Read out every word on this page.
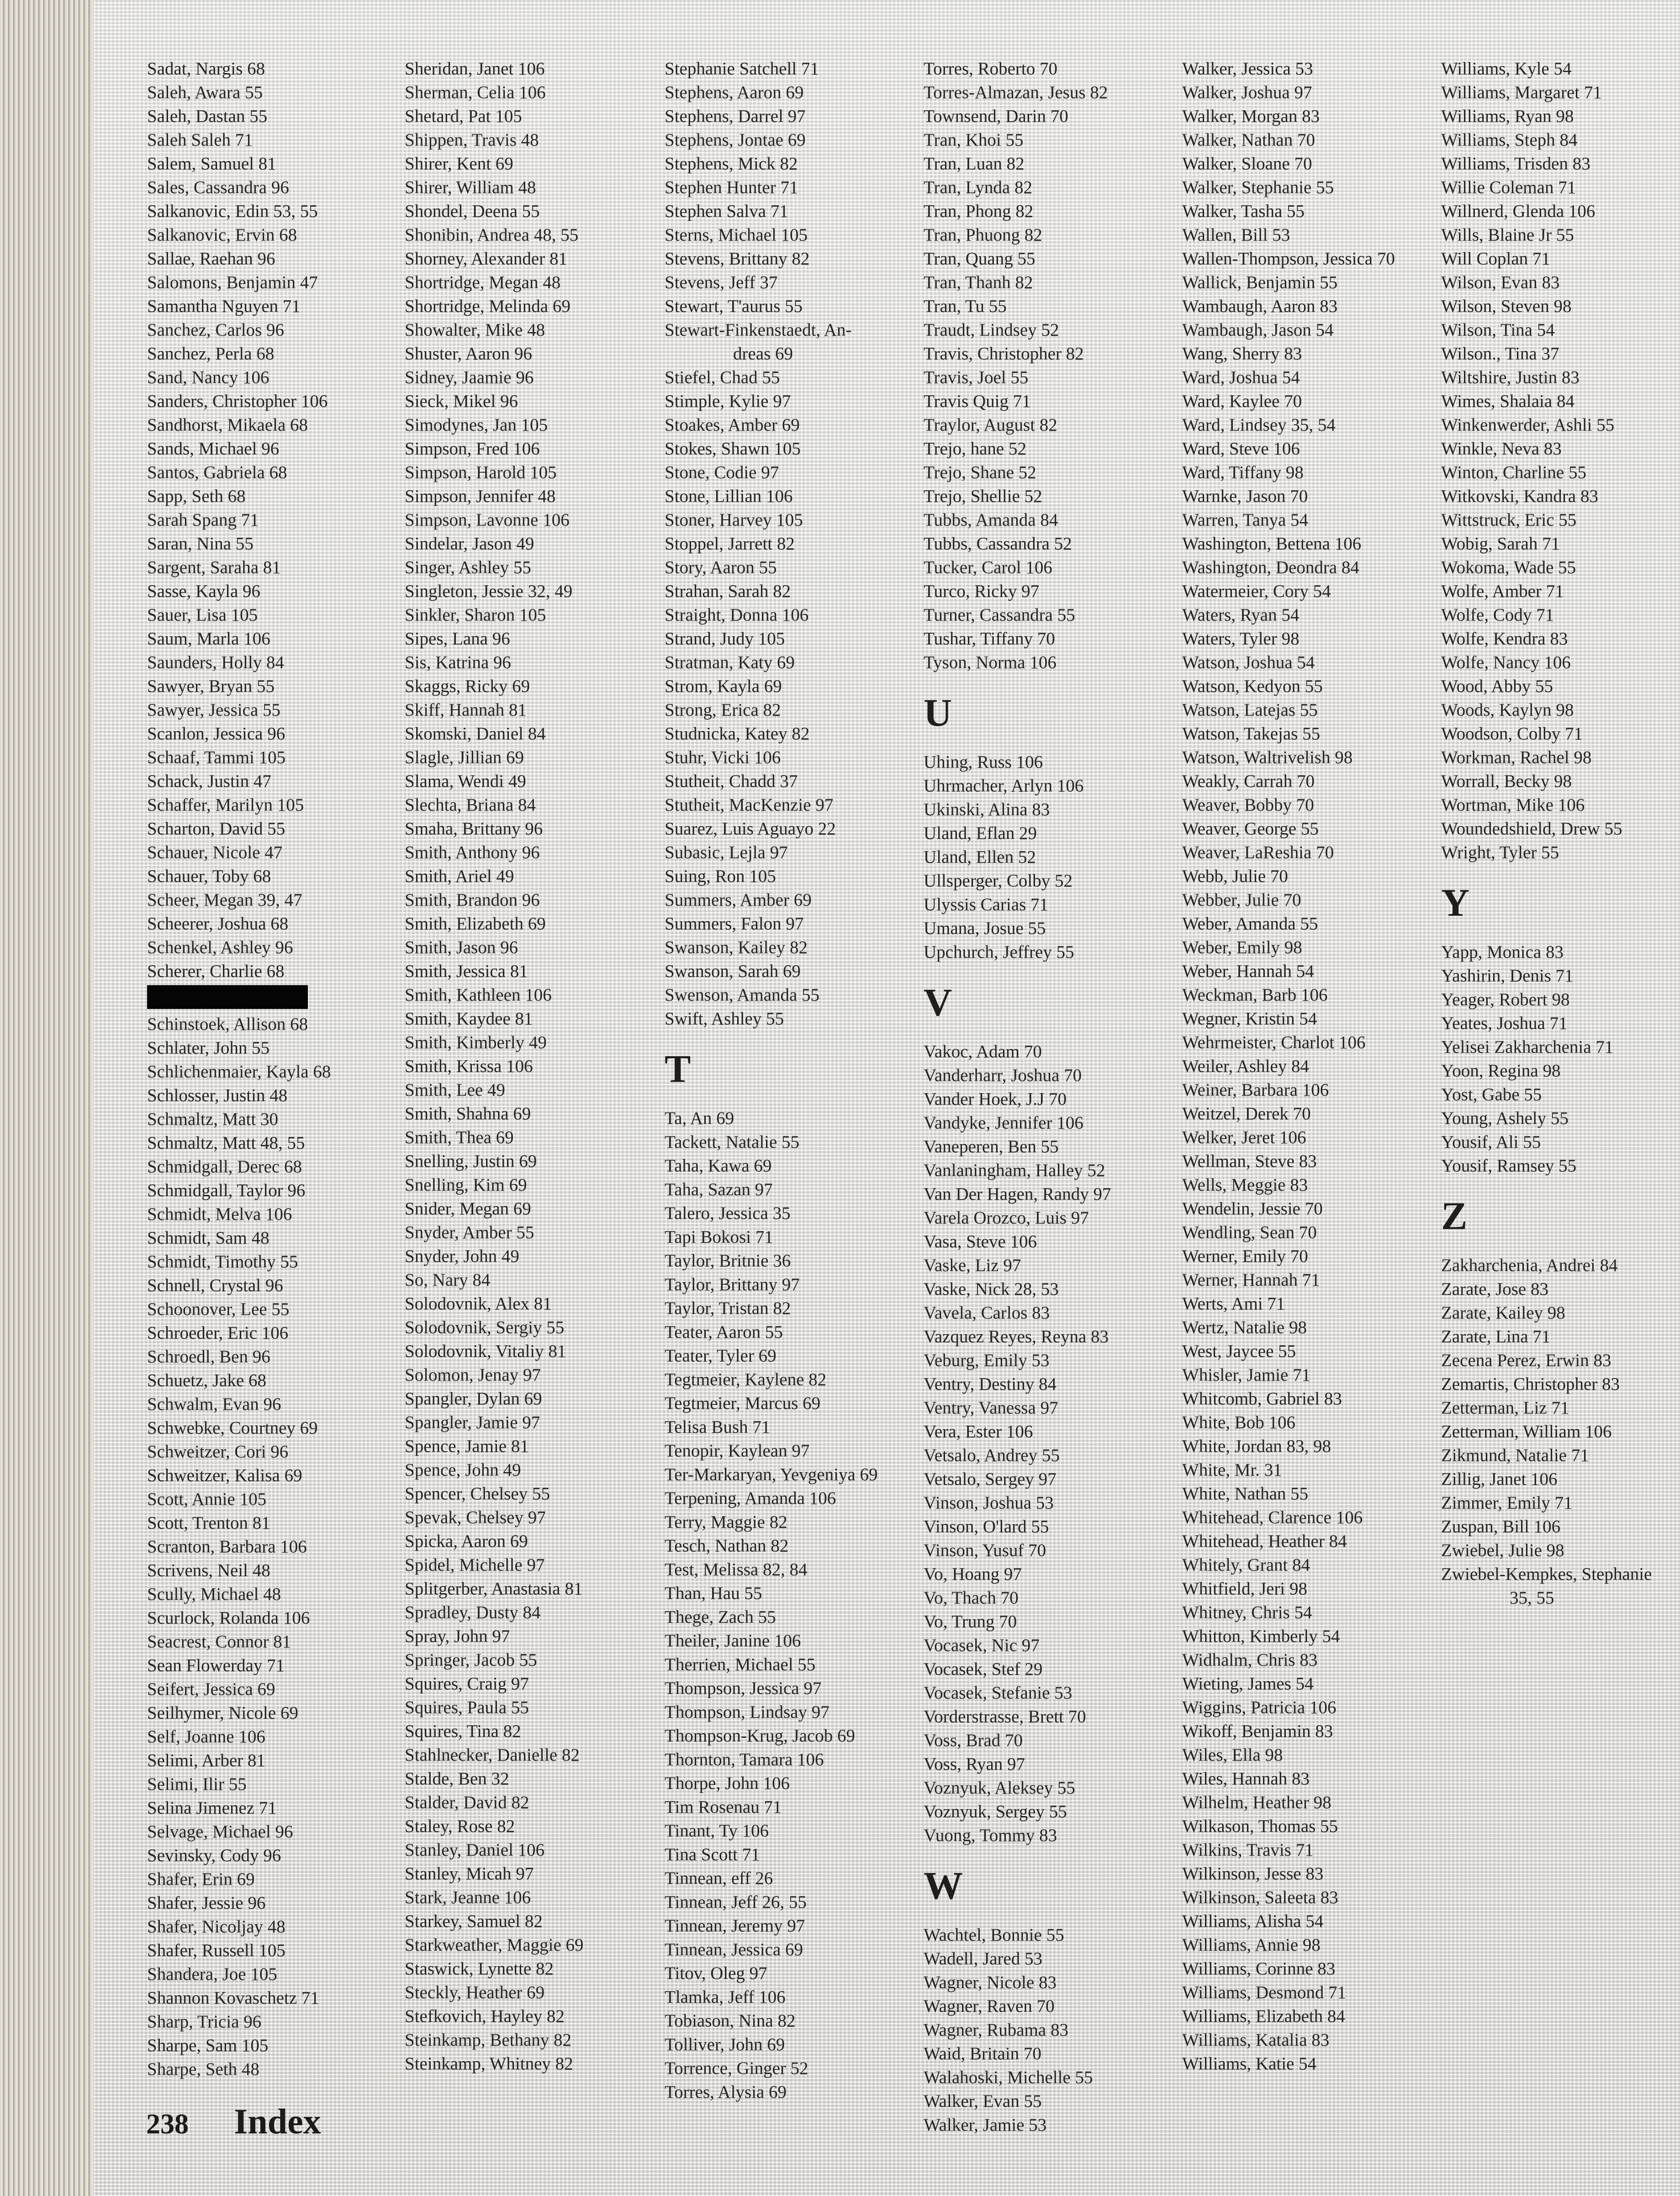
Sadat, Nargis 68
Saleh, Awara 55
Saleh, Dastan 55
Saleh Saleh 71
Salem, Samuel 81
Sales, Cassandra 96
Salkanovic, Edin 53, 55
Salkanovic, Ervin 68
Sallae, Raehan 96
Salomons, Benjamin 47
Samantha Nguyen 71
Sanchez, Carlos 96
Sanchez, Perla 68
Sand, Nancy 106
Sanders, Christopher 106
Sandhorst, Mikaela 68
Sands, Michael 96
Santos, Gabriela 68
Sapp, Seth 68
Sarah Spang 71
Saran, Nina 55
Sargent, Saraha 81
Sasse, Kayla 96
Sauer, Lisa 105
Saum, Marla 106
Saunders, Holly 84
Sawyer, Bryan 55
Sawyer, Jessica 55
Scanlon, Jessica 96
Schaaf, Tammi 105
Schack, Justin 47
Schaffer, Marilyn 105
Scharton, David 55
Schauer, Nicole 47
Schauer, Toby 68
Scheer, Megan 39, 47
Scheerer, Joshua 68
Schenkel, Ashley 96
Scherer, Charlie 68
Schinstoek, Allison 68
Schlater, John 55
Schlichenmaier, Kayla 68
Schlosser, Justin 48
Schmaltz, Matt 30
Schmaltz, Matt 48, 55
Schmidgall, Derec 68
Schmidgall, Taylor 96
Schmidt, Melva 106
Schmidt, Sam 48
Schmidt, Timothy 55
Schnell, Crystal 96
Schoonover, Lee 55
Schroeder, Eric 106
Schroedl, Ben 96
Schuetz, Jake 68
Schwalm, Evan 96
Schwebke, Courtney 69
Schweitzer, Cori 96
Schweitzer, Kalisa 69
Scott, Annie 105
Scott, Trenton 81
Scranton, Barbara 106
Scrivens, Neil 48
Scully, Michael 48
Scurlock, Rolanda 106
Seacrest, Connor 81
Sean Flowerday 71
Seifert, Jessica 69
Seilhymer, Nicole 69
Self, Joanne 106
Selimi, Arber 81
Selimi, Ilir 55
Selina Jimenez 71
Selvage, Michael 96
Sevinsky, Cody 96
Shafer, Erin 69
Shafer, Jessie 96
Shafer, Nicoljay 48
Shafer, Russell 105
Shandera, Joe 105
Shannon Kovaschetz 71
Sharp, Tricia 96
Sharpe, Sam 105
Sharpe, Seth 48
Sheridan, Janet 106
Sherman, Celia 106
Shetard, Pat 105
Shippen, Travis 48
Shirer, Kent 69
Shirer, William 48
Shondel, Deena 55
Shonibin, Andrea 48, 55
Shorney, Alexander 81
Shortridge, Megan 48
Shortridge, Melinda 69
Showalter, Mike 48
Shuster, Aaron 96
Sidney, Jaamie 96
Sieck, Mikel 96
Simodynes, Jan 105
Simpson, Fred 106
Simpson, Harold 105
Simpson, Jennifer 48
Simpson, Lavonne 106
Sindelar, Jason 49
Singer, Ashley 55
Singleton, Jessie 32, 49
Sinkler, Sharon 105
Sipes, Lana 96
Sis, Katrina 96
Skaggs, Ricky 69
Skiff, Hannah 81
Skomski, Daniel 84
Slagle, Jillian 69
Slama, Wendi 49
Slechta, Briana 84
Smaha, Brittany 96
Smith, Anthony 96
Smith, Ariel 49
Smith, Brandon 96
Smith, Elizabeth 69
Smith, Jason 96
Smith, Jessica 81
Smith, Kathleen 106
Smith, Kaydee 81
Smith, Kimberly 49
Smith, Krissa 106
Smith, Lee 49
Smith, Shahna 69
Smith, Thea 69
Snelling, Justin 69
Snelling, Kim 69
Snider, Megan 69
Snyder, Amber 55
Snyder, John 49
So, Nary 84
Solodovnik, Alex 81
Solodovnik, Sergiy 55
Solodovnik, Vitaliy 81
Solomon, Jenay 97
Spangler, Dylan 69
Spangler, Jamie 97
Spence, Jamie 81
Spence, John 49
Spencer, Chelsey 55
Spevak, Chelsey 97
Spicka, Aaron 69
Spidel, Michelle 97
Splitgerber, Anastasia 81
Spradley, Dusty 84
Spray, John 97
Springer, Jacob 55
Squires, Craig 97
Squires, Paula 55
Squires, Tina 82
Stahlnecker, Danielle 82
Stalde, Ben 32
Stalder, David 82
Staley, Rose 82
Stanley, Daniel 106
Stanley, Micah 97
Stark, Jeanne 106
Starkey, Samuel 82
Starkweather, Maggie 69
Staswick, Lynette 82
Steckly, Heather 69
Stefkovich, Hayley 82
Steinkamp, Bethany 82
Steinkamp, Whitney 82
Stephanie Satchell 71
Stephens, Aaron 69
Stephens, Darrel 97
Stephens, Jontae 69
Stephens, Mick 82
Stephen Hunter 71
Stephen Salva 71
Sterns, Michael 105
Stevens, Brittany 82
Stevens, Jeff 37
Stewart, T'aurus 55
Stewart-Finkenstaedt, An-
dreas 69
Stiefel, Chad 55
Stimple, Kylie 97
Stoakes, Amber 69
Stokes, Shawn 105
Stone, Codie 97
Stone, Lillian 106
Stoner, Harvey 105
Stoppel, Jarrett 82
Story, Aaron 55
Strahan, Sarah 82
Straight, Donna 106
Strand, Judy 105
Stratman, Katy 69
Strom, Kayla 69
Strong, Erica 82
Studnicka, Katey 82
Stuhr, Vicki 106
Stutheit, Chadd 37
Stutheit, MacKenzie 97
Suarez, Luis Aguayo 22
Subasic, Lejla 97
Suing, Ron 105
Summers, Amber 69
Summers, Falon 97
Swanson, Kailey 82
Swanson, Sarah 69
Swenson, Amanda 55
Swift, Ashley 55
T
Ta, An 69
Tackett, Natalie 55
Taha, Kawa 69
Taha, Sazan 97
Talero, Jessica 35
Tapi Bokosi 71
Taylor, Britnie 36
Taylor, Brittany 97
Taylor, Tristan 82
Teater, Aaron 55
Teater, Tyler 69
Tegtmeier, Kaylene 82
Tegtmeier, Marcus 69
Telisa Bush 71
Tenopir, Kaylean 97
Ter-Markaryan, Yevgeniya 69
Terpening, Amanda 106
Terry, Maggie 82
Tesch, Nathan 82
Test, Melissa 82, 84
Than, Hau 55
Thege, Zach 55
Theiler, Janine 106
Therrien, Michael 55
Thompson, Jessica 97
Thompson, Lindsay 97
Thompson-Krug, Jacob 69
Thornton, Tamara 106
Thorpe, John 106
Tim Rosenau 71
Tinant, Ty 106
Tina Scott 71
Tinnean, eff 26
Tinnean, Jeff 26, 55
Tinnean, Jeremy 97
Tinnean, Jessica 69
Titov, Oleg 97
Tlamka, Jeff 106
Tobiason, Nina 82
Tolliver, John 69
Torrence, Ginger 52
Torres, Alysia 69
Torres, Roberto 70
Torres-Almazan, Jesus 82
Townsend, Darin 70
Tran, Khoi 55
Tran, Luan 82
Tran, Lynda 82
Tran, Phong 82
Tran, Phuong 82
Tran, Quang 55
Tran, Thanh 82
Tran, Tu 55
Traudt, Lindsey 52
Travis, Christopher 82
Travis, Joel 55
Travis Quig 71
Traylor, August 82
Trejo, hane 52
Trejo, Shane 52
Trejo, Shellie 52
Tubbs, Amanda 84
Tubbs, Cassandra 52
Tucker, Carol 106
Turco, Ricky 97
Turner, Cassandra 55
Tushar, Tiffany 70
Tyson, Norma 106
U
Uhing, Russ 106
Uhrmacher, Arlyn 106
Ukinski, Alina 83
Uland, Eflan 29
Uland, Ellen 52
Ullsperger, Colby 52
Ulyssis Carias 71
Umana, Josue 55
Upchurch, Jeffrey 55
V
Vakoc, Adam 70
Vanderharr, Joshua 70
Vander Hoek, J.J 70
Vandyke, Jennifer 106
Vaneperen, Ben 55
Vanlaningham, Halley 52
Van Der Hagen, Randy 97
Varela Orozco, Luis 97
Vasa, Steve 106
Vaske, Liz 97
Vaske, Nick 28, 53
Vavela, Carlos 83
Vazquez Reyes, Reyna 83
Veburg, Emily 53
Ventry, Destiny 84
Ventry, Vanessa 97
Vera, Ester 106
Vetsalo, Andrey 55
Vetsalo, Sergey 97
Vinson, Joshua 53
Vinson, O'lard 55
Vinson, Yusuf 70
Vo, Hoang 97
Vo, Thach 70
Vo, Trung 70
Vocasek, Nic 97
Vocasek, Stef 29
Vocasek, Stefanie 53
Vorderstrasse, Brett 70
Voss, Brad 70
Voss, Ryan 97
Voznyuk, Aleksey 55
Voznyuk, Sergey 55
Vuong, Tommy 83
W
Wachtel, Bonnie 55
Wadell, Jared 53
Wagner, Nicole 83
Wagner, Raven 70
Wagner, Rubama 83
Waid, Britain 70
Walahoski, Michelle 55
Walker, Evan 55
Walker, Jamie 53
Walker, Jessica 53
Walker, Joshua 97
Walker, Morgan 83
Walker, Nathan 70
Walker, Sloane 70
Walker, Stephanie 55
Walker, Tasha 55
Wallen, Bill 53
Wallen-Thompson, Jessica 70
Wallick, Benjamin 55
Wambaugh, Aaron 83
Wambaugh, Jason 54
Wang, Sherry 83
Ward, Joshua 54
Ward, Kaylee 70
Ward, Lindsey 35, 54
Ward, Steve 106
Ward, Tiffany 98
Warnke, Jason 70
Warren, Tanya 54
Washington, Bettena 106
Washington, Deondra 84
Watermeier, Cory 54
Waters, Ryan 54
Waters, Tyler 98
Watson, Joshua 54
Watson, Kedyon 55
Watson, Latejas 55
Watson, Takejas 55
Watson, Waltrivelish 98
Weakly, Carrah 70
Weaver, Bobby 70
Weaver, George 55
Weaver, LaReshia 70
Webb, Julie 70
Webber, Julie 70
Weber, Amanda 55
Weber, Emily 98
Weber, Hannah 54
Weckman, Barb 106
Wegner, Kristin 54
Wehrmeister, Charlot 106
Weiler, Ashley 84
Weiner, Barbara 106
Weitzel, Derek 70
Welker, Jeret 106
Wellman, Steve 83
Wells, Meggie 83
Wendelin, Jessie 70
Wendling, Sean 70
Werner, Emily 70
Werner, Hannah 71
Werts, Ami 71
Wertz, Natalie 98
West, Jaycee 55
Whisler, Jamie 71
Whitcomb, Gabriel 83
White, Bob 106
White, Jordan 83, 98
White, Mr. 31
White, Nathan 55
Whitehead, Clarence 106
Whitehead, Heather 84
Whitely, Grant 84
Whitfield, Jeri 98
Whitney, Chris 54
Whitton, Kimberly 54
Widhalm, Chris 83
Wieting, James 54
Wiggins, Patricia 106
Wikoff, Benjamin 83
Wiles, Ella 98
Wiles, Hannah 83
Wilhelm, Heather 98
Wilkason, Thomas 55
Wilkins, Travis 71
Wilkinson, Jesse 83
Wilkinson, Saleeta 83
Williams, Alisha 54
Williams, Annie 98
Williams, Corinne 83
Williams, Desmond 71
Williams, Elizabeth 84
Williams, Katalia 83
Williams, Katie 54
Williams, Kyle 54
Williams, Margaret 71
Williams, Ryan 98
Williams, Steph 84
Williams, Trisden 83
Willie Coleman 71
Willnerd, Glenda 106
Wills, Blaine Jr 55
Will Coplan 71
Wilson, Evan 83
Wilson, Steven 98
Wilson, Tina 54
Wilson., Tina 37
Wiltshire, Justin 83
Wimes, Shalaia 84
Winkenwerder, Ashli 55
Winkle, Neva 83
Winton, Charline 55
Witkovski, Kandra 83
Wittstruck, Eric 55
Wobig, Sarah 71
Wokoma, Wade 55
Wolfe, Amber 71
Wolfe, Cody 71
Wolfe, Kendra 83
Wolfe, Nancy 106
Wood, Abby 55
Woods, Kaylyn 98
Woodson, Colby 71
Workman, Rachel 98
Worrall, Becky 98
Wortman, Mike 106
Woundedshield, Drew 55
Wright, Tyler 55
Y
Yapp, Monica 83
Yashirin, Denis 71
Yeager, Robert 98
Yeates, Joshua 71
Yelisei Zakharchenia 71
Yoon, Regina 98
Yost, Gabe 55
Young, Ashely 55
Yousif, Ali 55
Yousif, Ramsey 55
Z
Zakharchenia, Andrei 84
Zarate, Jose 83
Zarate, Kailey 98
Zarate, Lina 71
Zecena Perez, Erwin 83
Zemartis, Christopher 83
Zetterman, Liz 71
Zetterman, William 106
Zikmund, Natalie 71
Zillig, Janet 106
Zimmer, Emily 71
Zuspan, Bill 106
Zwiebel, Julie 98
Zwiebel-Kempkes, Stephanie
35, 55
238 Index
